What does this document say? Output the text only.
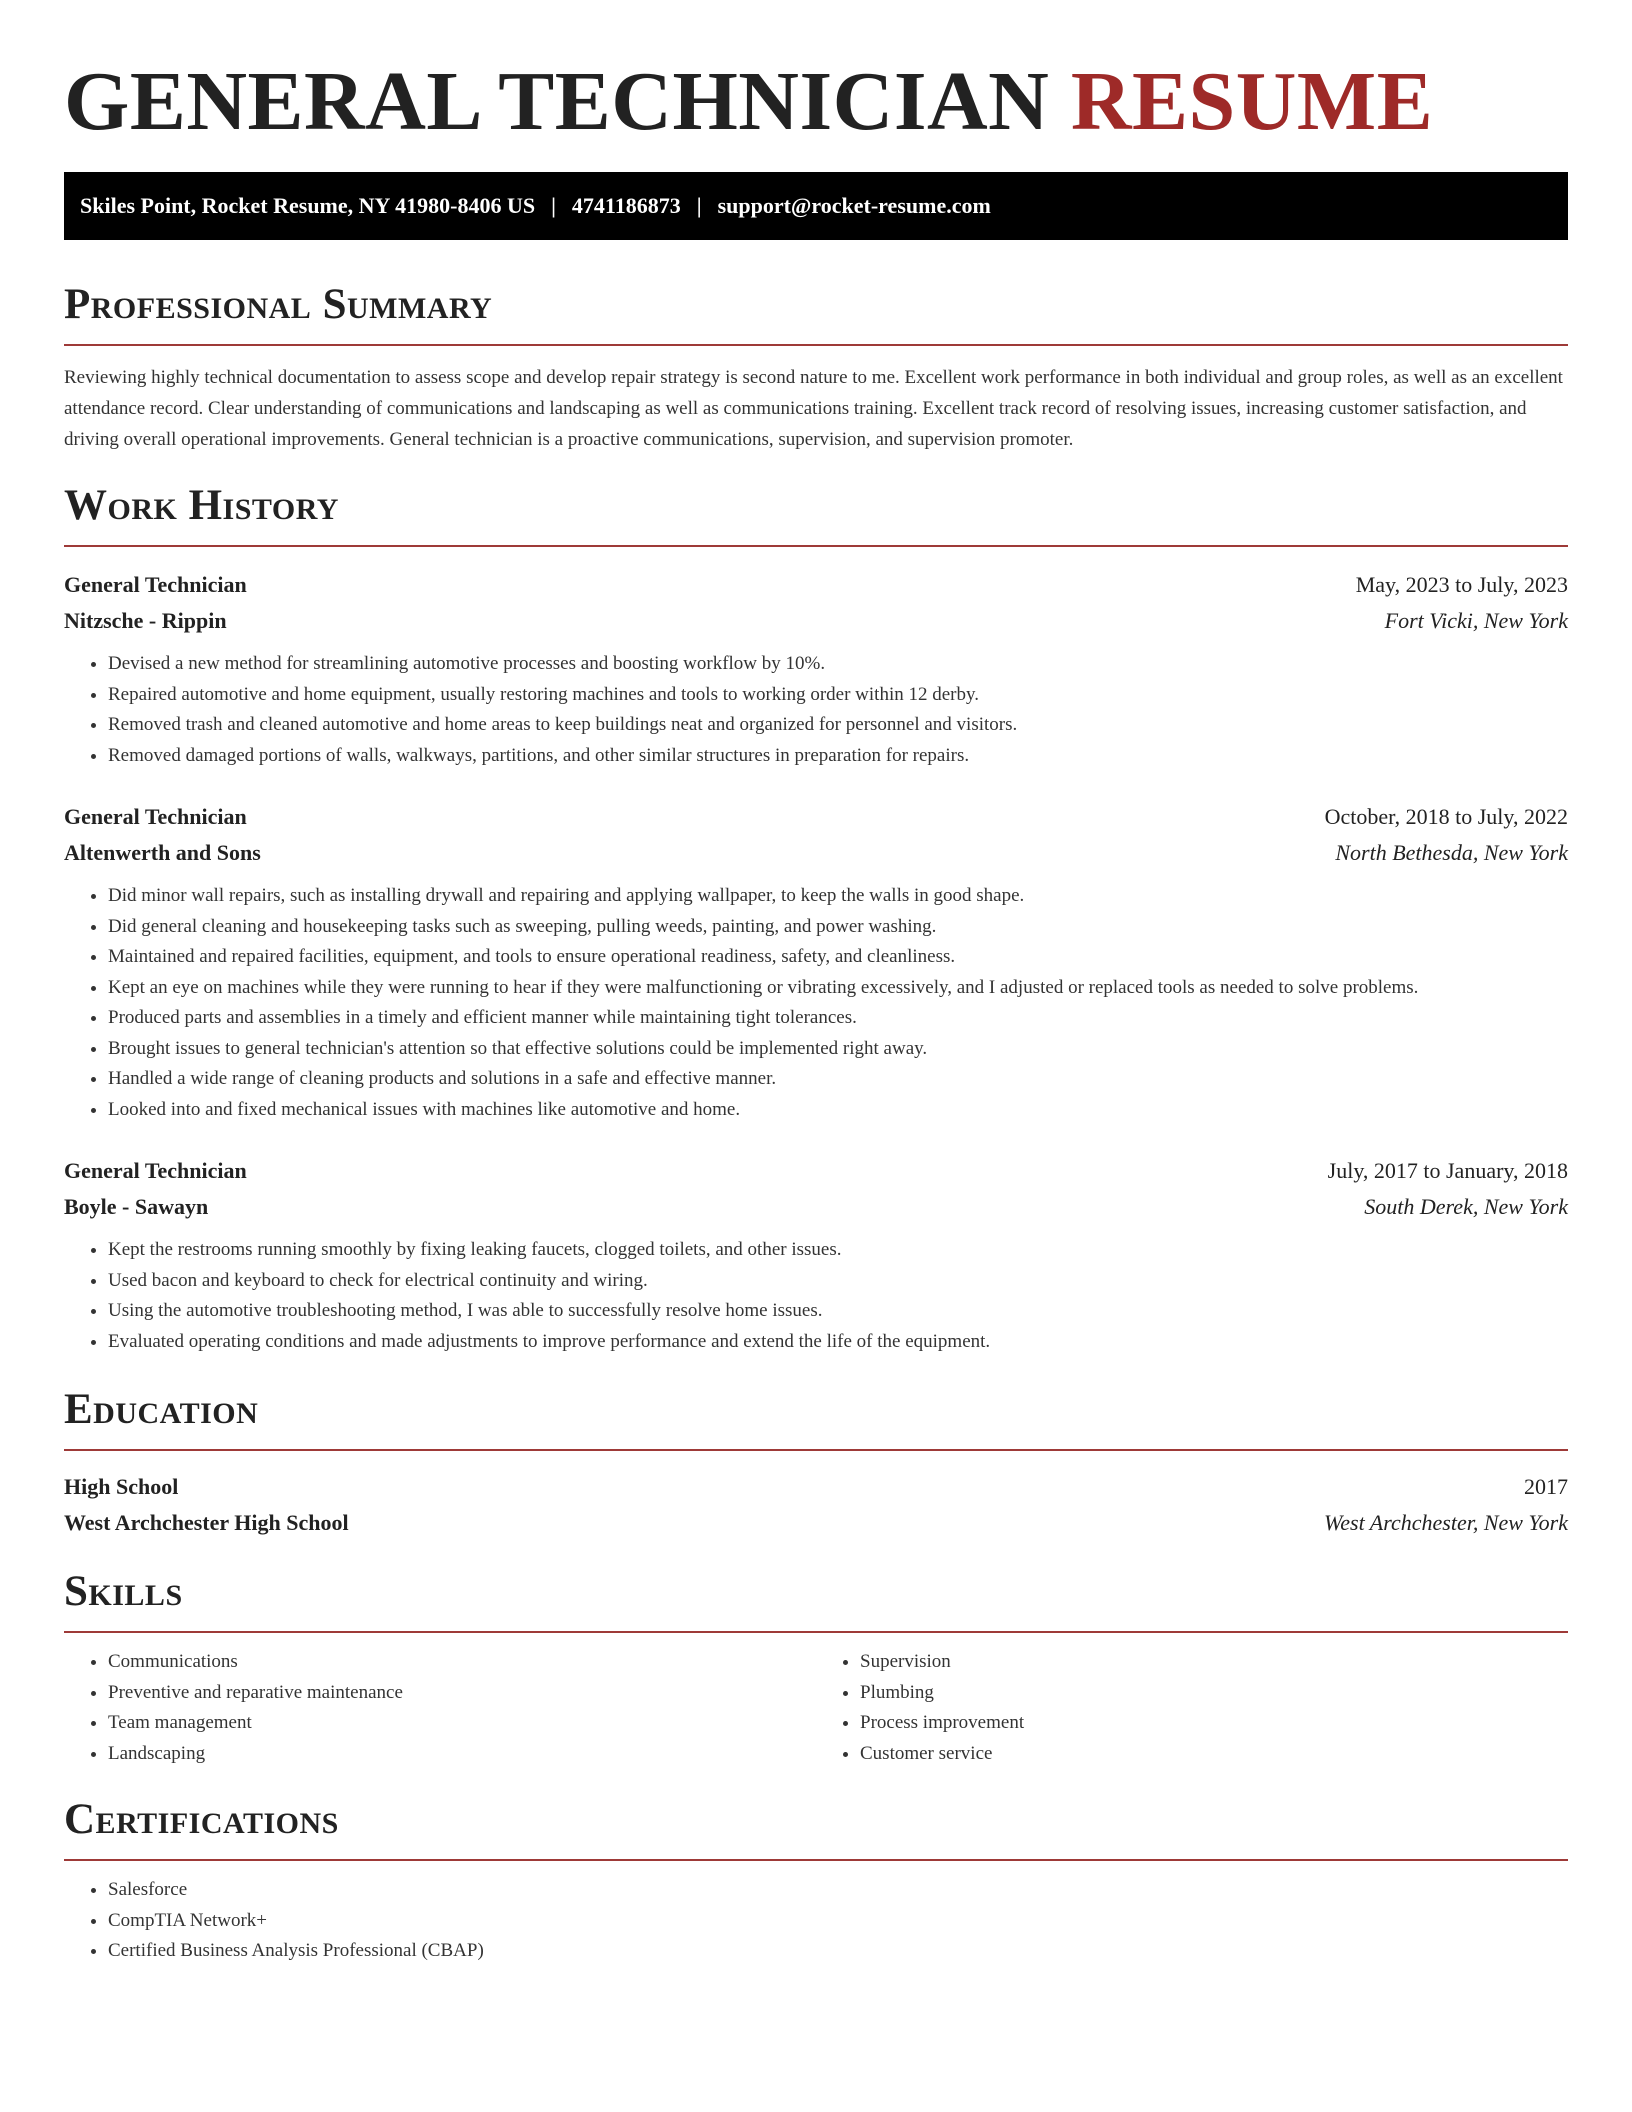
GENERAL TECHNICIAN RESUME
Skiles Point, Rocket Resume, NY 41980-8406 US | 4741186873 | support@rocket-resume.com
Professional Summary

Reviewing highly technical documentation to assess scope and develop repair strategy is second nature to me. Excellent work performance in both individual and group roles, as well as an excellent attendance record. Clear understanding of communications and landscaping as well as communications training. Excellent track record of resolving issues, increasing customer satisfaction, and driving overall operational improvements. General technician is a proactive communications, supervision, and supervision promoter.

Work History
General Technician	May, 2023 to July, 2023
Nitzsche - Rippin	Fort Vicki, New York
• Devised a new method for streamlining automotive processes and boosting workflow by 10%.
• Repaired automotive and home equipment, usually restoring machines and tools to working order within 12 derby.
• Removed trash and cleaned automotive and home areas to keep buildings neat and organized for personnel and visitors.
• Removed damaged portions of walls, walkways, partitions, and other similar structures in preparation for repairs.
General Technician	October, 2018 to July, 2022
Altenwerth and Sons	North Bethesda, New York
• Did minor wall repairs, such as installing drywall and repairing and applying wallpaper, to keep the walls in good shape.
• Did general cleaning and housekeeping tasks such as sweeping, pulling weeds, painting, and power washing.
• Maintained and repaired facilities, equipment, and tools to ensure operational readiness, safety, and cleanliness.
• Kept an eye on machines while they were running to hear if they were malfunctioning or vibrating excessively, and I adjusted or replaced tools as needed to solve problems.
• Produced parts and assemblies in a timely and efficient manner while maintaining tight tolerances.
• Brought issues to general technician's attention so that effective solutions could be implemented right away.
• Handled a wide range of cleaning products and solutions in a safe and effective manner.
• Looked into and fixed mechanical issues with machines like automotive and home.
General Technician	July, 2017 to January, 2018
Boyle - Sawayn	South Derek, New York
• Kept the restrooms running smoothly by fixing leaking faucets, clogged toilets, and other issues.
• Used bacon and keyboard to check for electrical continuity and wiring.
• Using the automotive troubleshooting method, I was able to successfully resolve home issues.
• Evaluated operating conditions and made adjustments to improve performance and extend the life of the equipment.
Education
High School	2017
West Archchester High School	West Archchester, New York
Skills
• Communications
• Preventive and reparative maintenance
• Team management
• Landscaping
• Supervision
• Plumbing
• Process improvement
• Customer service
Certifications
• Salesforce
• CompTIA Network+
• Certified Business Analysis Professional (CBAP)
